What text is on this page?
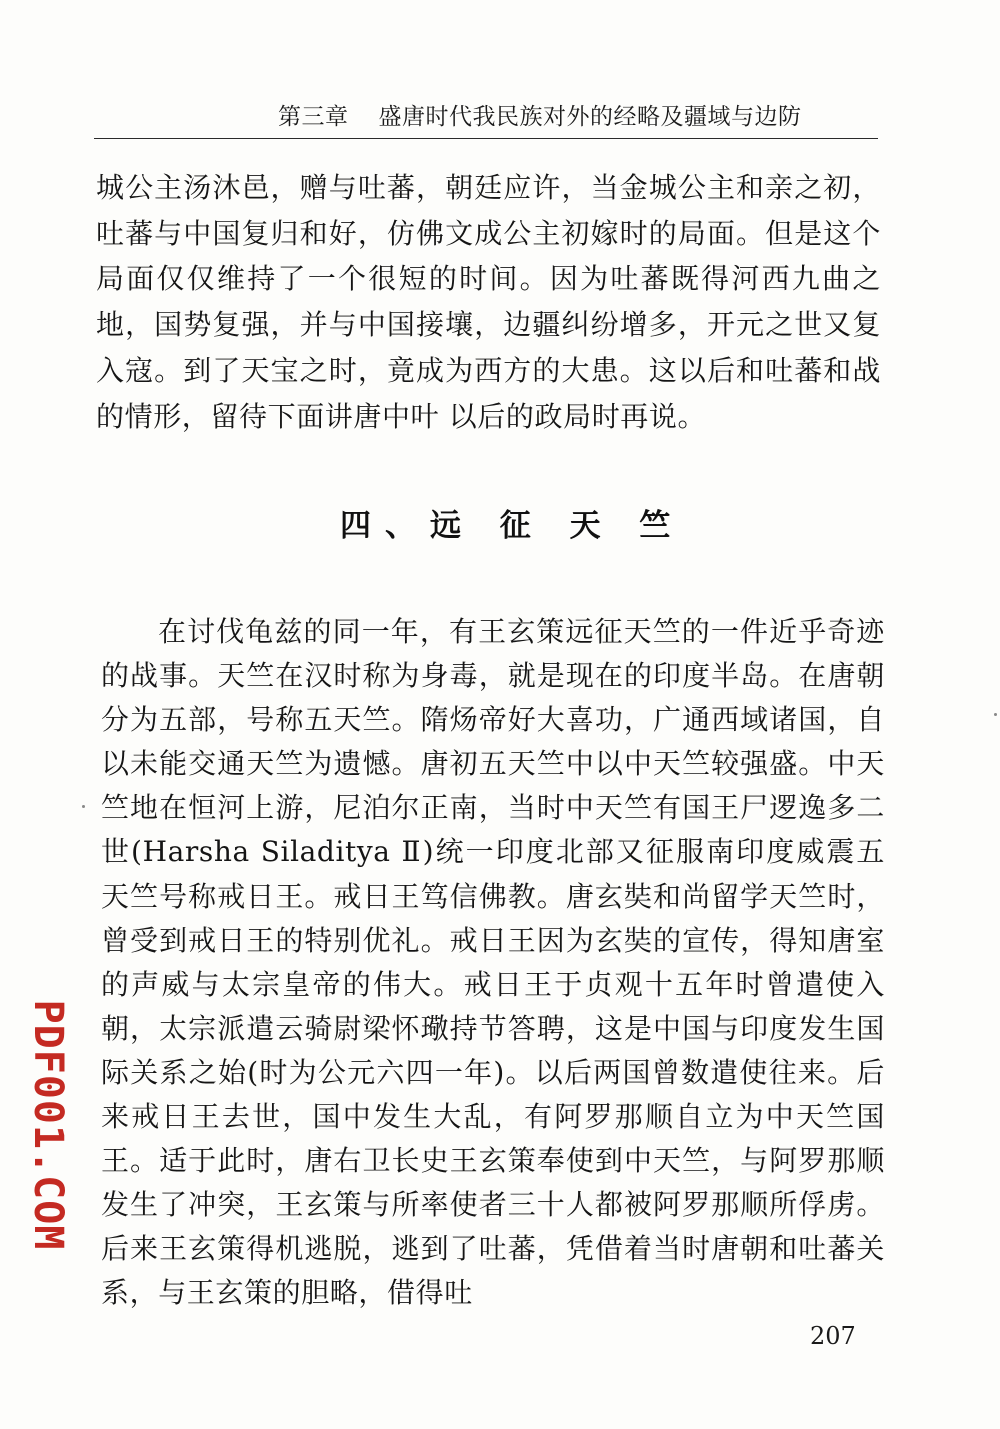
第三章 盛唐时代我民族对外的经略及疆域与边防

城公主汤沐邑，赠与吐蕃，朝廷应许，当金城公主和亲之初，吐蕃与中国复归和好，仿佛文成公主初嫁时的局面。但是这个局面仅仅维持了一个很短的时间。因为吐蕃既得河西九曲之地，国势复强，并与中国接壤，边疆纠纷增多，开元之世又复入寇。到了天宝之时，竟成为西方的大患。这以后和吐蕃和战的情形，留待下面讲唐中叶 以后的政局时再说。

四、远 征 天 竺

在讨伐龟兹的同一年，有王玄策远征天竺的一件近乎奇迹的战事。天竺在汉时称为身毒，就是现在的印度半岛。在唐朝分为五部，号称五天竺。隋炀帝好大喜功，广通西域诸国，自以未能交通天竺为遗憾。唐初五天竺中以中天竺较强盛。中天竺地在恒河上游，尼泊尔正南，当时中天竺有国王尸逻逸多二世(Harsha Siladitya Ⅱ)统一印度北部又征服南印度威震五天竺号称戒日王。戒日王笃信佛教。唐玄奘和尚留学天竺时，曾受到戒日王的特别优礼。戒日王因为玄奘的宣传，得知唐室的声威与太宗皇帝的伟大。戒日王于贞观十五年时曾遣使入朝，太宗派遣云骑尉梁怀璥持节答聘，这是中国与印度发生国际关系之始(时为公元六四一年)。以后两国曾数遣使往来。后来戒日王去世，国中发生大乱，有阿罗那顺自立为中天竺国王。适于此时，唐右卫长史王玄策奉使到中天竺，与阿罗那顺发生了冲突，王玄策与所率使者三十人都被阿罗那顺所俘虏。后来王玄策得机逃脱，逃到了吐蕃，凭借着当时唐朝和吐蕃关系，与王玄策的胆略，借得吐

207
PDF001.COM
